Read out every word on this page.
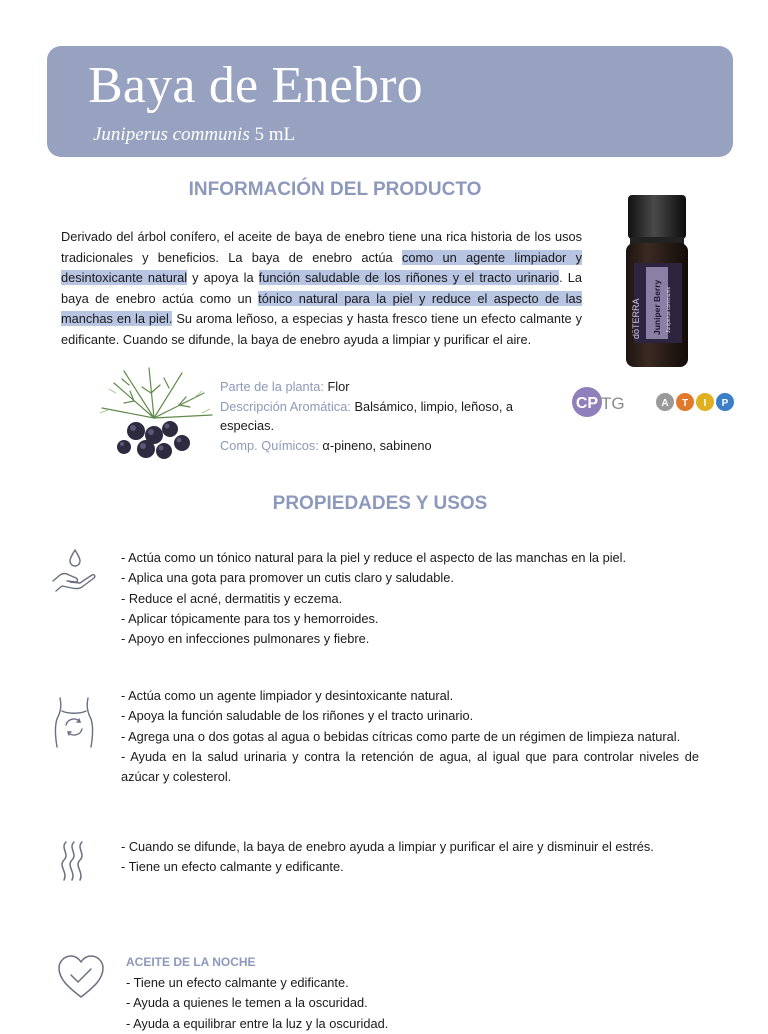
Baya de Enebro
Juniperus communis 5 mL
INFORMACIÓN DEL PRODUCTO

Derivado del árbol conífero, el aceite de baya de enebro tiene una rica historia de los usos tradicionales y beneficios. La baya de enebro actúa como un agente limpiador y desintoxicante natural y apoya la función saludable de los riñones y el tracto urinario. La baya de enebro actúa como un tónico natural para la piel y reduce el aspecto de las manchas en la piel. Su aroma leñoso, a especias y hasta fresco tiene un efecto calmante y edificante. Cuando se difunde, la baya de enebro ayuda a limpiar y purificar el aire.	dōTERRA Juniper Berry Juniperus communis
Parte de la planta: Flor
Descripción Aromática: Balsámico, limpio, leñoso, a especias.
Comp. Químicos: α-pineno, sabineno
CP TG	A T I P
PROPIEDADES Y USOS
- Actúa como un tónico natural para la piel y reduce el aspecto de las manchas en la piel.
- Aplica una gota para promover un cutis claro y saludable.
- Reduce el acné, dermatitis y eczema.
- Aplicar tópicamente para tos y hemorroides.
- Apoyo en infecciones pulmonares y fiebre.
- Actúa como un agente limpiador y desintoxicante natural.
- Apoya la función saludable de los riñones y el tracto urinario.
- Agrega una o dos gotas al agua o bebidas cítricas como parte de un régimen de limpieza natural.
- Ayuda en la salud urinaria y contra la retención de agua, al igual que para controlar niveles de azúcar y colesterol.
- Cuando se difunde, la baya de enebro ayuda a limpiar y purificar el aire y disminuir el estrés.
- Tiene un efecto calmante y edificante.
ACEITE DE LA NOCHE
- Tiene un efecto calmante y edificante.
- Ayuda a quienes le temen a la oscuridad.
- Ayuda a equilibrar entre la luz y la oscuridad.
